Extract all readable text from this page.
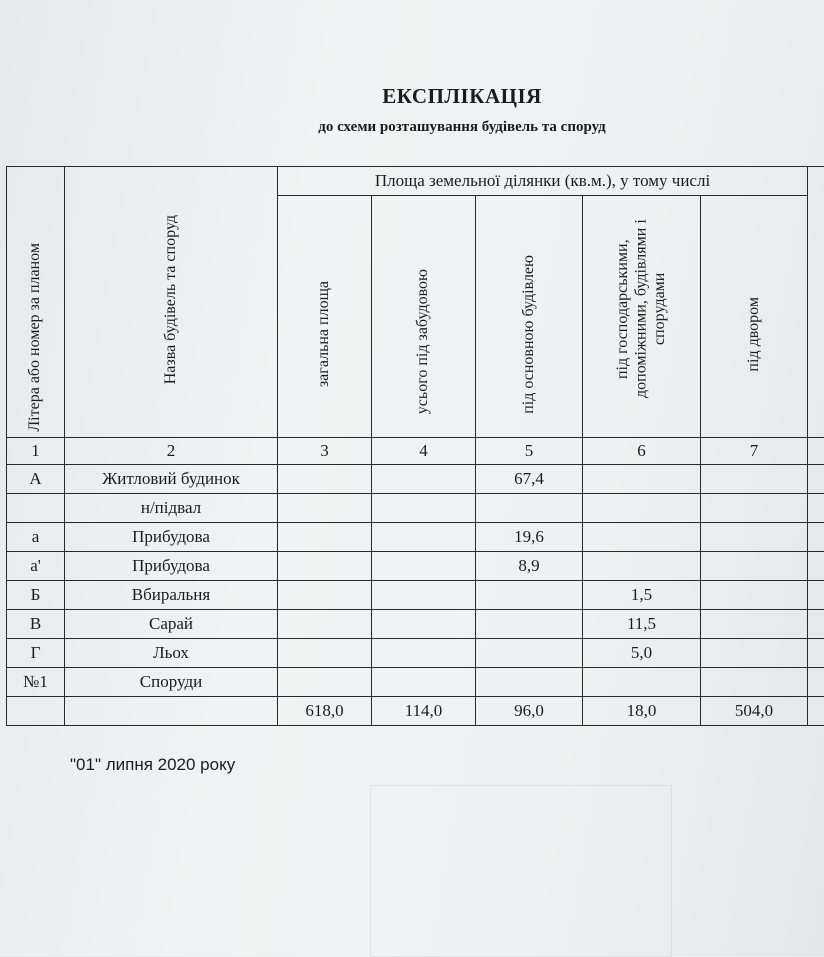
ЕКСПЛІКАЦІЯ
до схеми розташування будівель та споруд
Літера або номер за планом	Назва будівель та споруд	Площа земельної ділянки (кв.м.), у тому числі					
		загальна площа	усього під забудовою	під основною будівлею	під господарськими, допоміжними, будівлями і спорудами	під двором	
1	2	3	4	5	6	7	
А	Житловий будинок			67,4			
	н/підвал						
а	Прибудова			19,6			
а'	Прибудова			8,9			
Б	Вбиральня				1,5		
В	Сарай				11,5		
Г	Льох				5,0		
№1	Споруди						
		618,0	114,0	96,0	18,0	504,0	
"01" липня 2020 року
